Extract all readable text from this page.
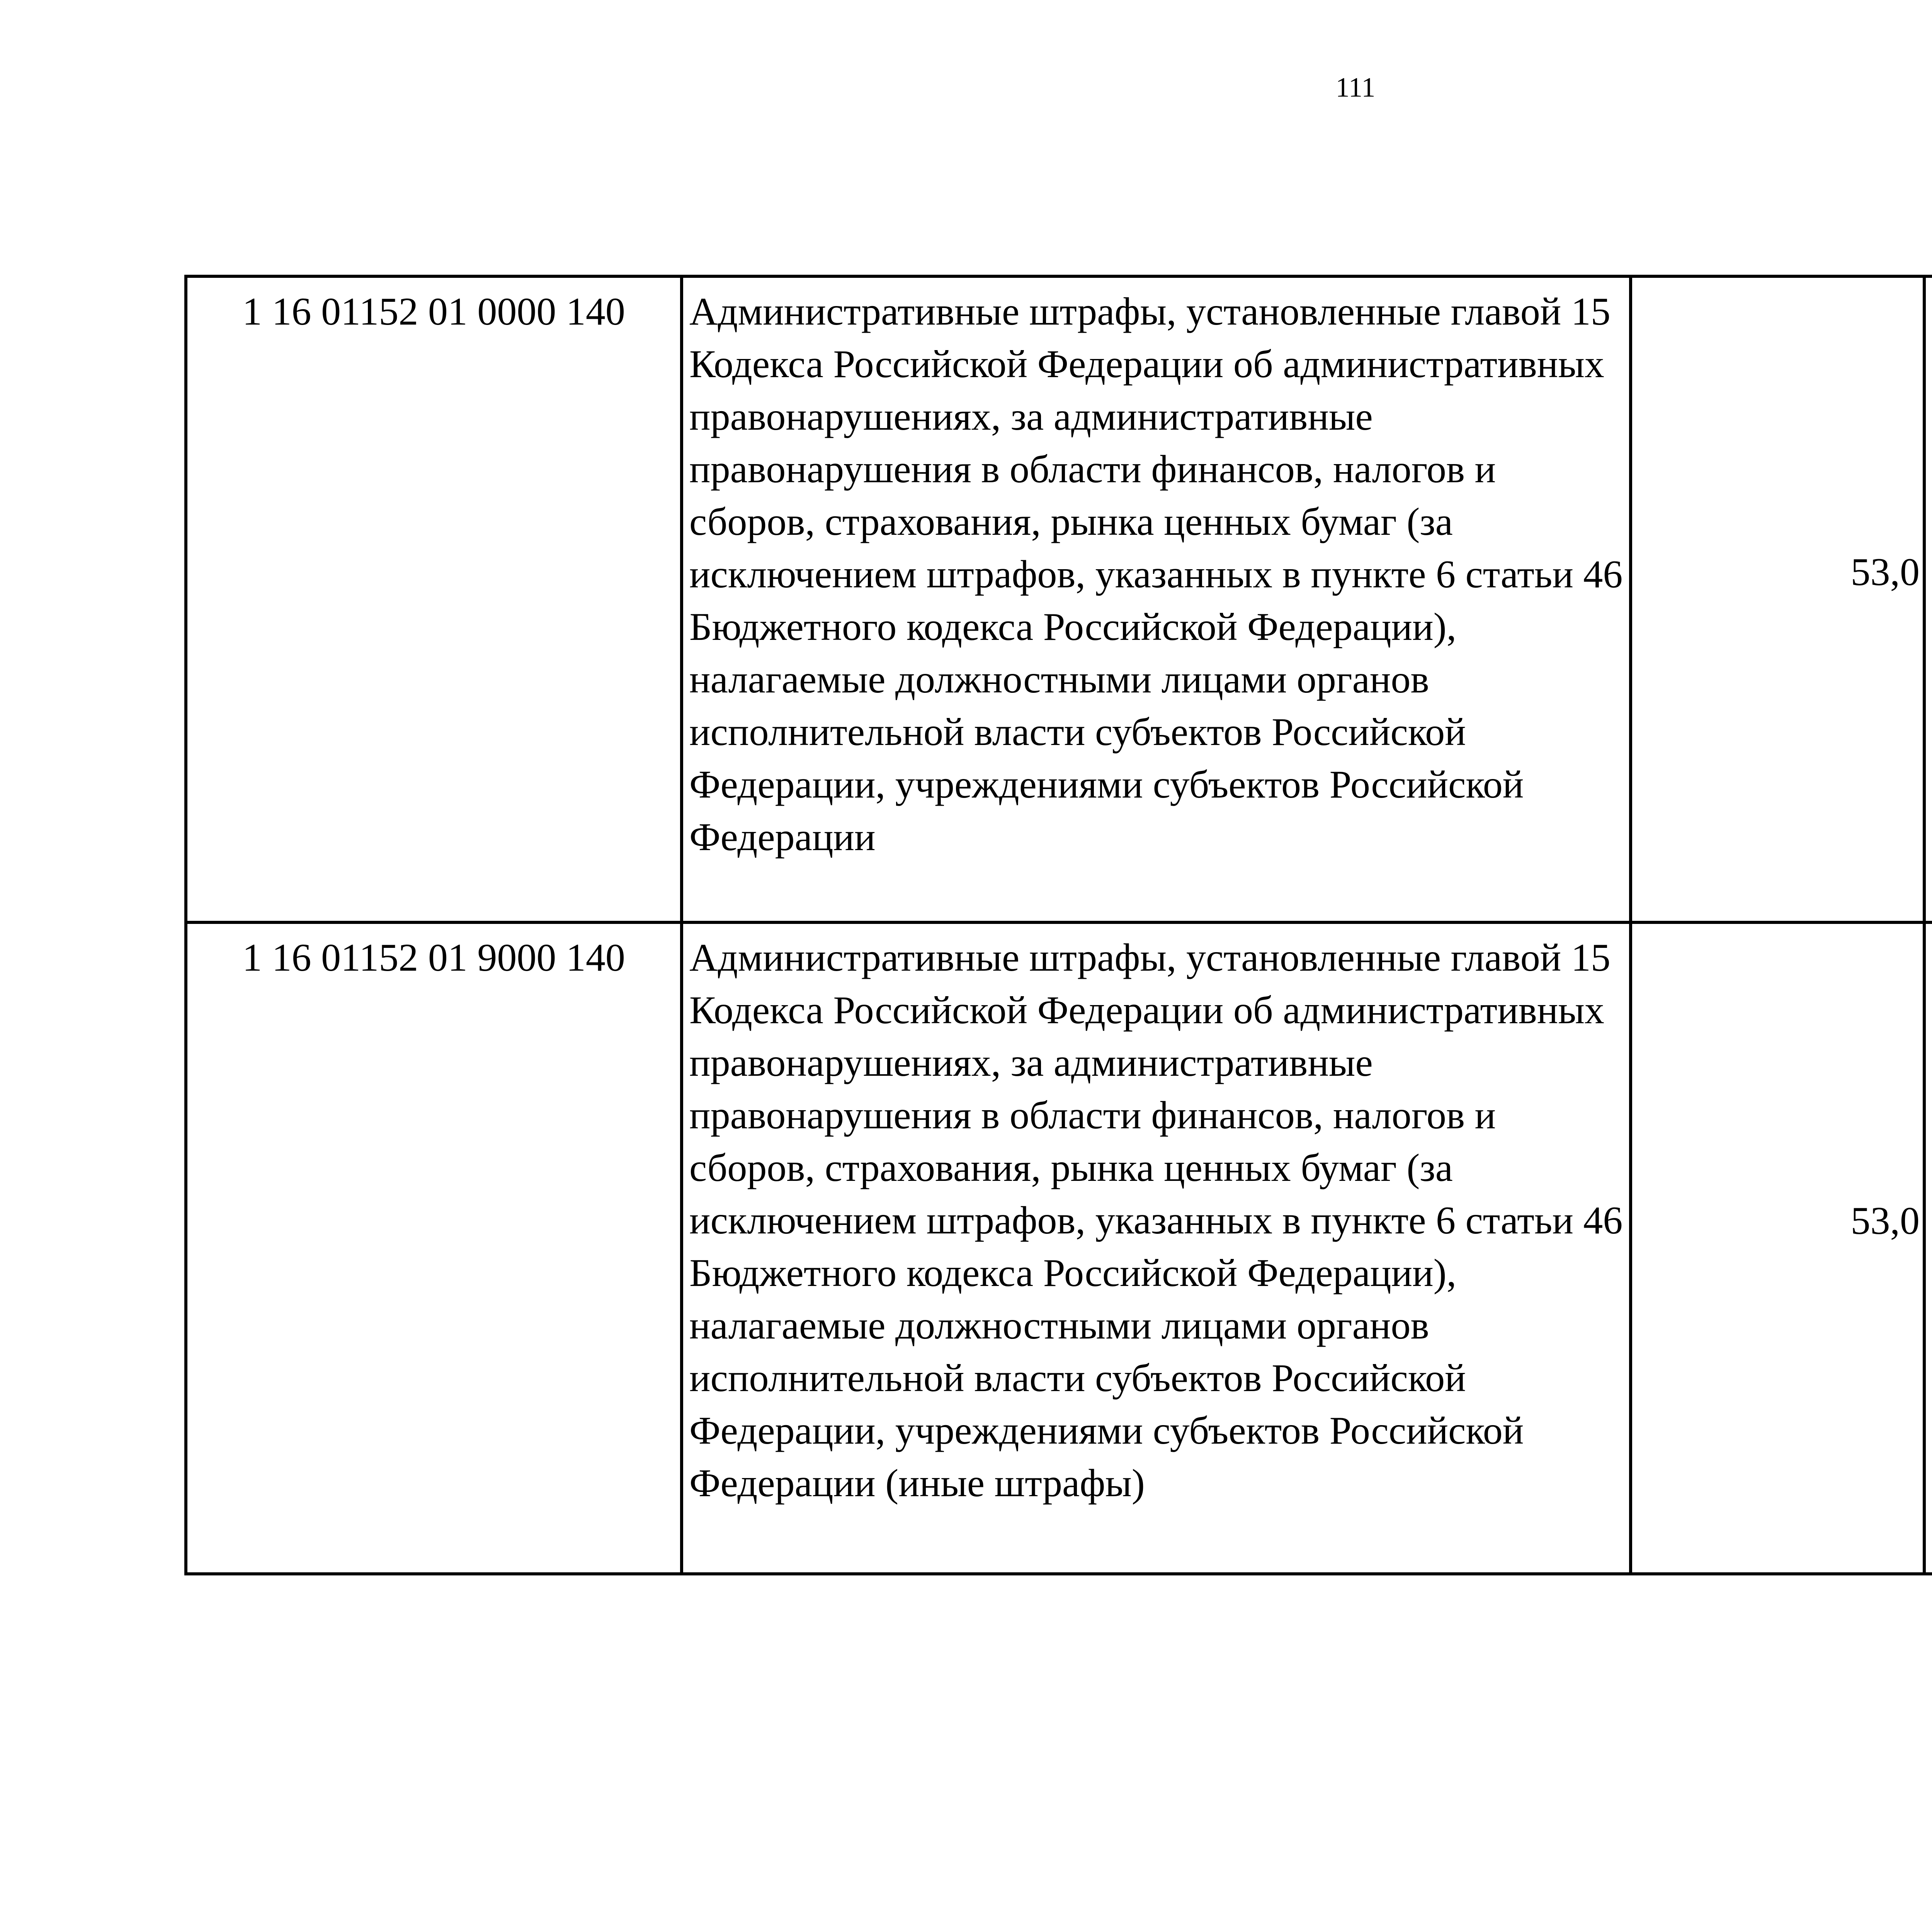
111
1 16 01152 01 0000 140	Административные штрафы, установленные главой 15 Кодекса Российской Федерации об административных правонарушениях, за административные правонарушения в области финансов, налогов и сборов, страхования, рынка ценных бумаг (за исключением штрафов, указанных в пункте 6 статьи 46 Бюджетного кодекса Российской Федерации), налагаемые должностными лицами органов исполнительной власти субъектов Российской Федерации, учреждениями субъектов Российской Федерации	53,0		
1 16 01152 01 9000 140	Административные штрафы, установленные главой 15 Кодекса Российской Федерации об административных правонарушениях, за административные правонарушения в области финансов, налогов и сборов, страхования, рынка ценных бумаг (за исключением штрафов, указанных в пункте 6 статьи 46 Бюджетного кодекса Российской Федерации), налагаемые должностными лицами органов исполнительной власти субъектов Российской Федерации, учреждениями субъектов Российской Федерации (иные штрафы)	53,0		
